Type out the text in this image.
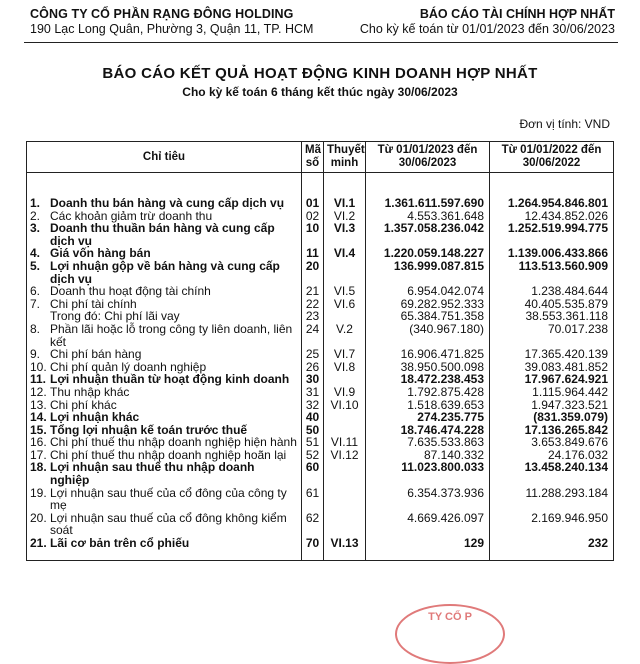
CÔNG TY CỔ PHẦN RẠNG ĐÔNG HOLDING
190 Lạc Long Quân, Phường 3, Quận 11, TP. HCM
BÁO CÁO TÀI CHÍNH HỢP NHẤT
Cho kỳ kế toán từ 01/01/2023 đến 30/06/2023
BÁO CÁO KẾT QUẢ HOẠT ĐỘNG KINH DOANH HỢP NHẤT
Cho kỳ kế toán 6 tháng kết thúc ngày 30/06/2023
Đơn vị tính: VND
Chỉ tiêu	Mã số	Thuyết minh	Từ 01/01/2023 đến 30/06/2023	Từ 01/01/2022 đến 30/06/2022

1. Doanh thu bán hàng và cung cấp dịch vụ	01	VI.1	1.361.611.597.690	1.264.954.846.801

2. Các khoản giảm trừ doanh thu	02	VI.2	4.553.361.648	12.434.852.026

3. Doanh thu thuần bán hàng và cung cấp dịch vụ	10	VI.3	1.357.058.236.042	1.252.519.994.775

4. Giá vốn hàng bán	11	VI.4	1.220.059.148.227	1.139.006.433.866

5. Lợi nhuận gộp về bán hàng và cung cấp dịch vụ	20		136.999.087.815	113.513.560.909

6. Doanh thu hoạt động tài chính	21	VI.5	6.954.042.074	1.238.484.644

7. Chi phí tài chính	22	VI.6	69.282.952.333	40.405.535.879

Trong đó: Chi phí lãi vay	23		65.384.751.358	38.553.361.118

8. Phần lãi hoặc lỗ trong công ty liên doanh, liên kết	24	V.2	(340.967.180)	70.017.238

9. Chi phí bán hàng	25	VI.7	16.906.471.825	17.365.420.139

10. Chi phí quản lý doanh nghiệp	26	VI.8	38.950.500.098	39.083.481.852

11. Lợi nhuận thuần từ hoạt động kinh doanh	30		18.472.238.453	17.967.624.921

12. Thu nhập khác	31	VI.9	1.792.875.428	1.115.964.442

13. Chi phí khác	32	VI.10	1.518.639.653	1.947.323.521

14. Lợi nhuận khác	40		274.235.775	(831.359.079)

15. Tổng lợi nhuận kế toán trước thuế	50		18.746.474.228	17.136.265.842

16. Chi phí thuế thu nhập doanh nghiệp hiện hành	51	VI.11	7.635.533.863	3.653.849.676

17. Chi phí thuế thu nhập doanh nghiệp hoãn lại	52	VI.12	87.140.332	24.176.032

18. Lợi nhuận sau thuế thu nhập doanh nghiệp	60		11.023.800.033	13.458.240.134

19. Lợi nhuận sau thuế của cổ đông của công ty mẹ	61		6.354.373.936	11.288.293.184

20. Lợi nhuận sau thuế của cổ đông không kiểm soát	62		4.669.426.097	2.169.946.950

21. Lãi cơ bản trên cổ phiếu	70	VI.13	129	232
TY CỔ P
